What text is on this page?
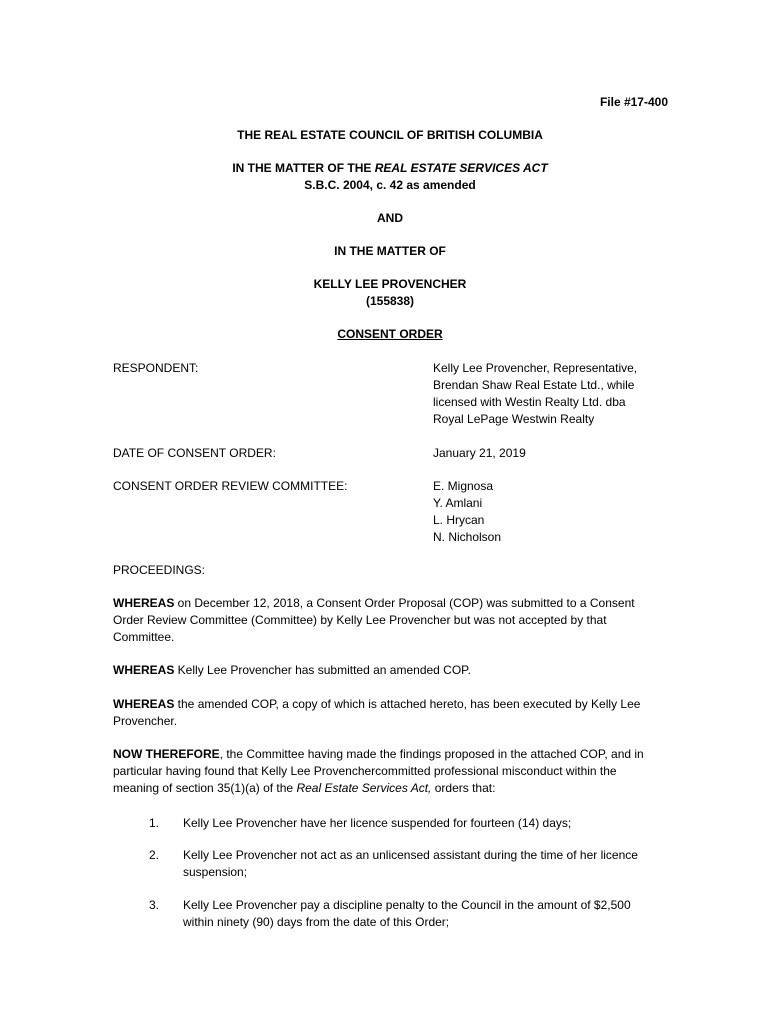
File #17-400
THE REAL ESTATE COUNCIL OF BRITISH COLUMBIA
IN THE MATTER OF THE REAL ESTATE SERVICES ACT
S.B.C. 2004, c. 42 as amended
AND
IN THE MATTER OF
KELLY LEE PROVENCHER
(155838)
CONSENT ORDER
RESPONDENT:	Kelly Lee Provencher, Representative,
Brendan Shaw Real Estate Ltd., while
licensed with Westin Realty Ltd. dba
Royal LePage Westwin Realty
DATE OF CONSENT ORDER:	January 21, 2019
CONSENT ORDER REVIEW COMMITTEE:	E. Mignosa
Y. Amlani
L. Hrycan
N. Nicholson
PROCEEDINGS:
WHEREAS on December 12, 2018, a Consent Order Proposal (COP) was submitted to a Consent
Order Review Committee (Committee) by Kelly Lee Provencher but was not accepted by that
Committee.
WHEREAS Kelly Lee Provencher has submitted an amended COP.
WHEREAS the amended COP, a copy of which is attached hereto, has been executed by Kelly Lee
Provencher.
NOW THEREFORE, the Committee having made the findings proposed in the attached COP, and in
particular having found that Kelly Lee Provenchercommitted professional misconduct within the
meaning of section 35(1)(a) of the Real Estate Services Act, orders that:
1. Kelly Lee Provencher have her licence suspended for fourteen (14) days;
2. Kelly Lee Provencher not act as an unlicensed assistant during the time of her licence
suspension;
3. Kelly Lee Provencher pay a discipline penalty to the Council in the amount of $2,500
within ninety (90) days from the date of this Order;
